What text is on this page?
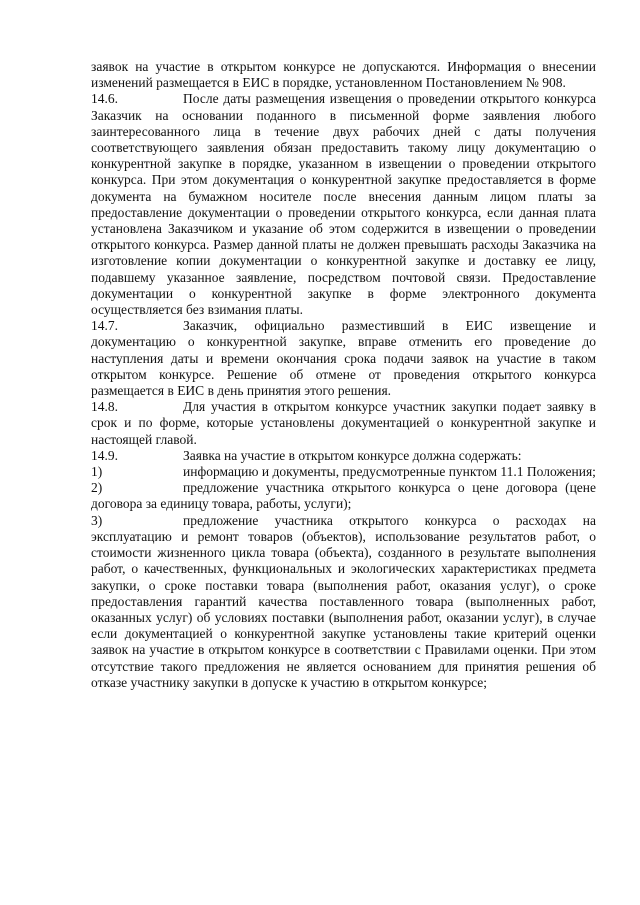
заявок на участие в открытом конкурсе не допускаются. Информация о внесении изменений размещается в ЕИС в порядке, установленном Постановлением № 908.

14.6.	После даты размещения извещения о проведении открытого конкурса Заказчик на основании поданного в письменной форме заявления любого заинтересованного лица в течение двух рабочих дней с даты получения соответствующего заявления обязан предоставить такому лицу документацию о конкурентной закупке в порядке, указанном в извещении о проведении открытого конкурса. При этом документация о конкурентной закупке предоставляется в форме документа на бумажном носителе после внесения данным лицом платы за предоставление документации о проведении открытого конкурса, если данная плата установлена Заказчиком и указание об этом содержится в извещении о проведении открытого конкурса. Размер данной платы не должен превышать расходы Заказчика на изготовление копии документации о конкурентной закупке и доставку ее лицу, подавшему указанное заявление, посредством почтовой связи. Предоставление документации о конкурентной закупке в форме электронного документа осуществляется без взимания платы.

14.7.	Заказчик, официально разместивший в ЕИС извещение и документацию о конкурентной закупке, вправе отменить его проведение до наступления даты и времени окончания срока подачи заявок на участие в таком открытом конкурсе. Решение об отмене от проведения открытого конкурса размещается в ЕИС в день принятия этого решения.

14.8.	Для участия в открытом конкурсе участник закупки подает заявку в срок и по форме, которые установлены документацией о конкурентной закупке и настоящей главой.

14.9.	Заявка на участие в открытом конкурсе должна содержать:

1)	информацию и документы, предусмотренные пунктом 11.1 Положения;

2)	предложение участника открытого конкурса о цене договора (цене договора за единицу товара, работы, услуги);

3)	предложение участника открытого конкурса о расходах на эксплуатацию и ремонт товаров (объектов), использование результатов работ, о стоимости жизненного цикла товара (объекта), созданного в результате выполнения работ, о качественных, функциональных и экологических характеристиках предмета закупки, о сроке поставки товара (выполнения работ, оказания услуг), о сроке предоставления гарантий качества поставленного товара (выполненных работ, оказанных услуг) об условиях поставки (выполнения работ, оказании услуг), в случае если документацией о конкурентной закупке установлены такие критерий оценки заявок на участие в открытом конкурсе в соответствии с Правилами оценки. При этом отсутствие такого предложения не является основанием для принятия решения об отказе участнику закупки в допуске к участию в открытом конкурсе;
